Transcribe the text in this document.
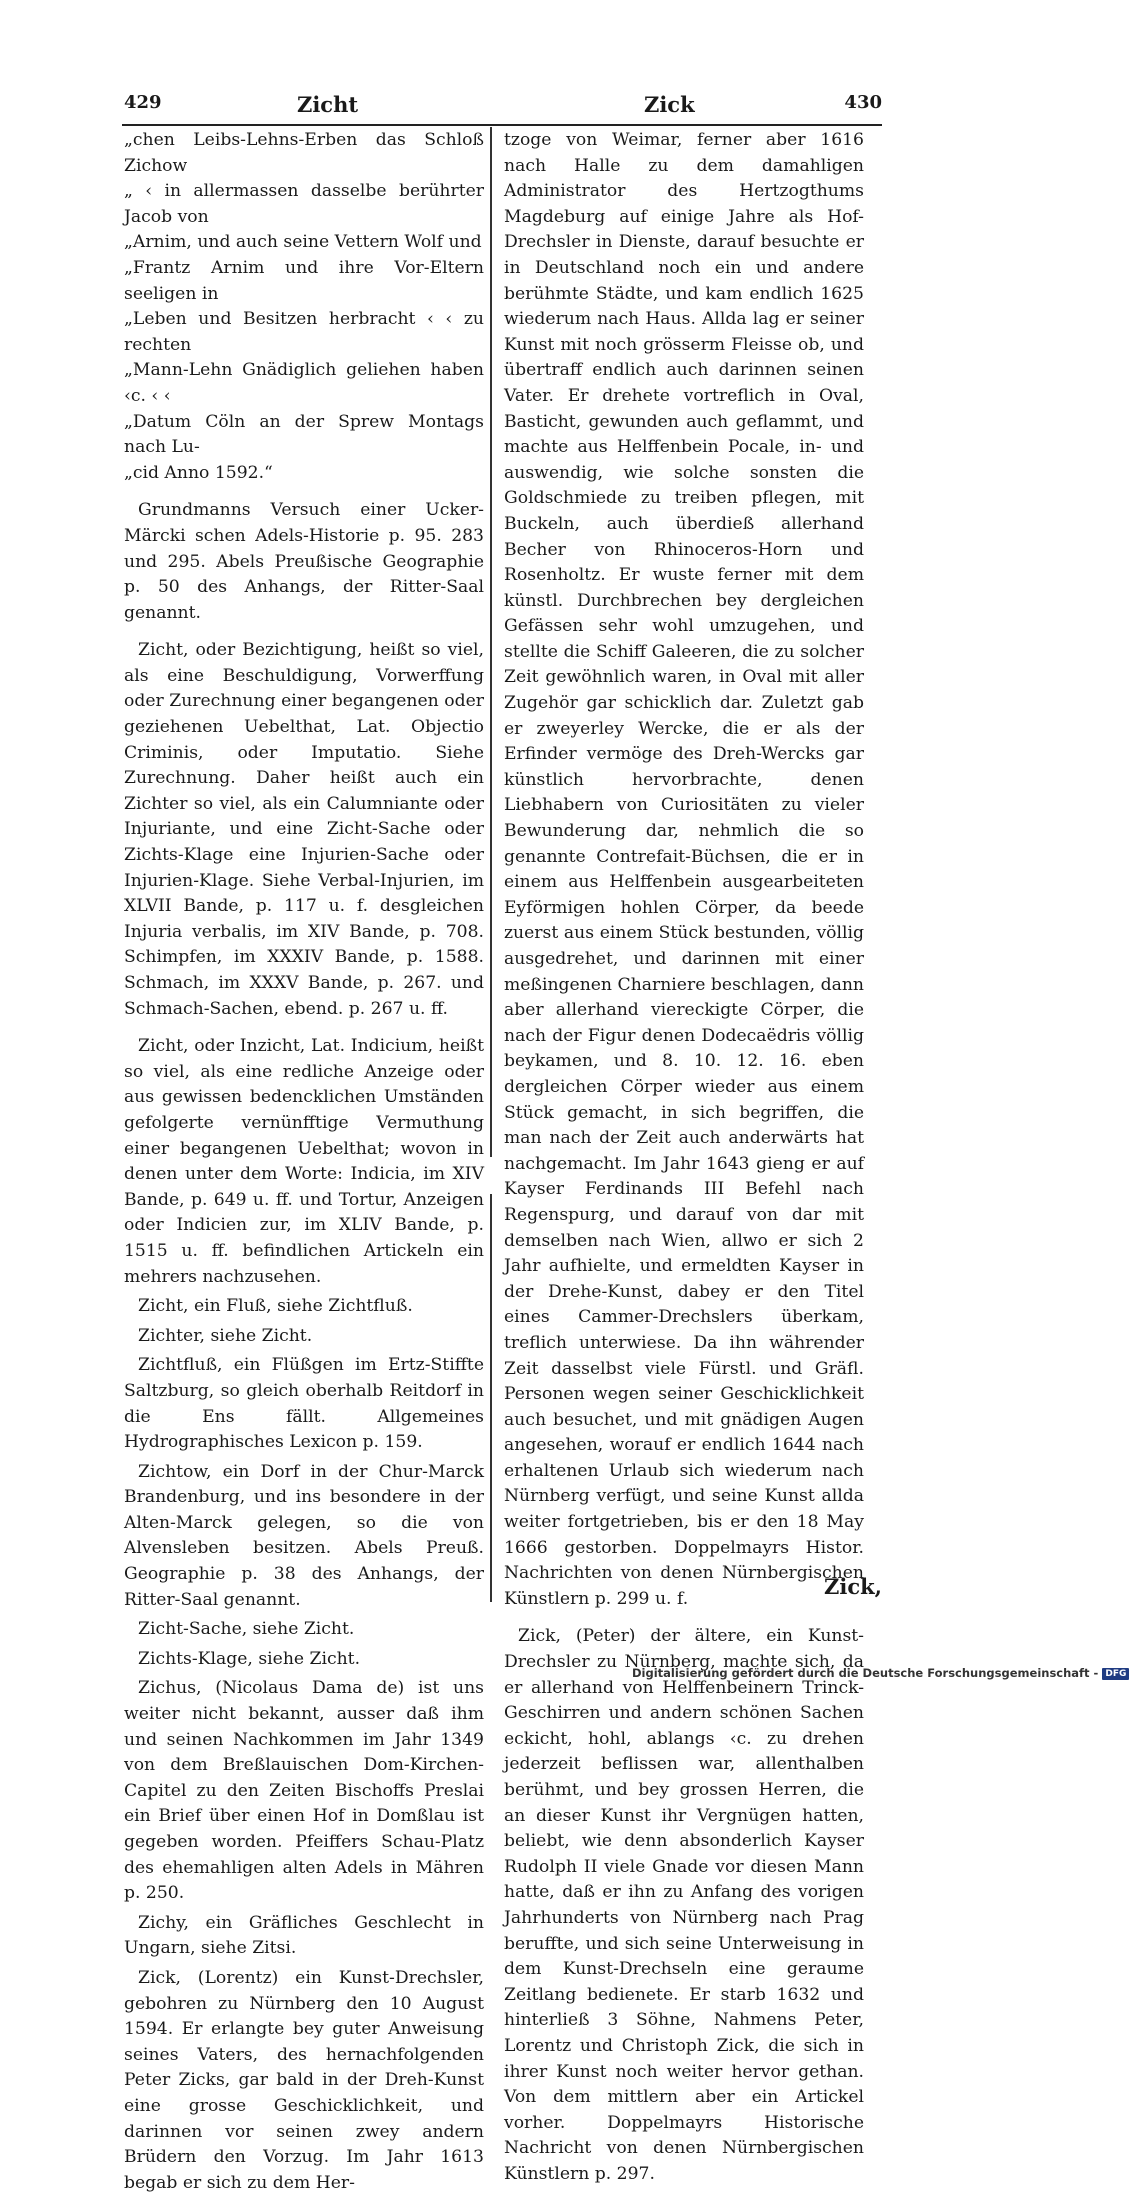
429	Zicht	Zick	430

„chen Leibs-Lehns-Erben das Schloß Zichow

„ ‹ in allermassen dasselbe berührter Jacob von

„Arnim, und auch seine Vettern Wolf und

„Frantz Arnim und ihre Vor-Eltern seeligen in

„Leben und Besitzen herbracht ‹ ‹ zu rechten

„Mann-Lehn Gnädiglich geliehen haben ‹c. ‹ ‹

„Datum Cöln an der Sprew Montags nach Lu-

„cid Anno 1592.“

Grundmanns Versuch einer Ucker-Märcki schen Adels-Historie p. 95. 283 und 295. Abels Preußische Geographie p. 50 des Anhangs, der Ritter-Saal genannt.

Zicht, oder Bezichtigung, heißt so viel, als eine Beschuldigung, Vorwerffung oder Zurechnung einer begangenen oder geziehenen Uebelthat, Lat. Objectio Criminis, oder Imputatio. Siehe Zurechnung. Daher heißt auch ein Zichter so viel, als ein Calumniante oder Injuriante, und eine Zicht-Sache oder Zichts-Klage eine Injurien-Sache oder Injurien-Klage. Siehe Verbal-Injurien, im XLVII Bande, p. 117 u. f. desgleichen Injuria verbalis, im XIV Bande, p. 708. Schimpfen, im XXXIV Bande, p. 1588. Schmach, im XXXV Bande, p. 267. und Schmach-Sachen, ebend. p. 267 u. ff.

Zicht, oder Inzicht, Lat. Indicium, heißt so viel, als eine redliche Anzeige oder aus gewissen bedencklichen Umständen gefolgerte vernünfftige Vermuthung einer begangenen Uebelthat; wovon in denen unter dem Worte: Indicia, im XIV Bande, p. 649 u. ff. und Tortur, Anzeigen oder Indicien zur, im XLIV Bande, p. 1515 u. ff. befindlichen Artickeln ein mehrers nachzusehen.

Zicht, ein Fluß, siehe Zichtfluß.

Zichter, siehe Zicht.

Zichtfluß, ein Flüßgen im Ertz-Stiffte Saltzburg, so gleich oberhalb Reitdorf in die Ens fällt. Allgemeines Hydrographisches Lexicon p. 159.

Zichtow, ein Dorf in der Chur-Marck Brandenburg, und ins besondere in der Alten-Marck gelegen, so die von Alvensleben besitzen. Abels Preuß. Geographie p. 38 des Anhangs, der Ritter-Saal genannt.

Zicht-Sache, siehe Zicht.

Zichts-Klage, siehe Zicht.

Zichus, (Nicolaus Dama de) ist uns weiter nicht bekannt, ausser daß ihm und seinen Nachkommen im Jahr 1349 von dem Breßlauischen Dom-Kirchen-Capitel zu den Zeiten Bischoffs Preslai ein Brief über einen Hof in Domßlau ist gegeben worden. Pfeiffers Schau-Platz des ehemahligen alten Adels in Mähren p. 250.

Zichy, ein Gräfliches Geschlecht in Ungarn, siehe Zitsi.

Zick, (Lorentz) ein Kunst-Drechsler, gebohren zu Nürnberg den 10 August 1594. Er erlangte bey guter Anweisung seines Vaters, des hernachfolgenden Peter Zicks, gar bald in der Dreh-Kunst eine grosse Geschicklichkeit, und darinnen vor seinen zwey andern Brüdern den Vorzug. Im Jahr 1613 begab er sich zu dem Her-

tzoge von Weimar, ferner aber 1616 nach Halle zu dem damahligen Administrator des Hertzogthums Magdeburg auf einige Jahre als Hof-Drechsler in Dienste, darauf besuchte er in Deutschland noch ein und andere berühmte Städte, und kam endlich 1625 wiederum nach Haus. Allda lag er seiner Kunst mit noch grösserm Fleisse ob, und übertraff endlich auch darinnen seinen Vater. Er drehete vortreflich in Oval, Basticht, gewunden auch geflammt, und machte aus Helffenbein Pocale, in- und auswendig, wie solche sonsten die Goldschmiede zu treiben pflegen, mit Buckeln, auch überdieß allerhand Becher von Rhinoceros-Horn und Rosenholtz. Er wuste ferner mit dem künstl. Durchbrechen bey dergleichen Gefässen sehr wohl umzugehen, und stellte die Schiff Galeeren, die zu solcher Zeit gewöhnlich waren, in Oval mit aller Zugehör gar schicklich dar. Zuletzt gab er zweyerley Wercke, die er als der Erfinder vermöge des Dreh-Wercks gar künstlich hervorbrachte, denen Liebhabern von Curiositäten zu vieler Bewunderung dar, nehmlich die so genannte Contrefait-Büchsen, die er in einem aus Helffenbein ausgearbeiteten Eyförmigen hohlen Cörper, da beede zuerst aus einem Stück bestunden, völlig ausgedrehet, und darinnen mit einer meßingenen Charniere beschlagen, dann aber allerhand viereckigte Cörper, die nach der Figur denen Dodecaëdris völlig beykamen, und 8. 10. 12. 16. eben dergleichen Cörper wieder aus einem Stück gemacht, in sich begriffen, die man nach der Zeit auch anderwärts hat nachgemacht. Im Jahr 1643 gieng er auf Kayser Ferdinands III Befehl nach Regenspurg, und darauf von dar mit demselben nach Wien, allwo er sich 2 Jahr aufhielte, und ermeldten Kayser in der Drehe-Kunst, dabey er den Titel eines Cammer-Drechslers überkam, treflich unterwiese. Da ihn währender Zeit dasselbst viele Fürstl. und Gräfl. Personen wegen seiner Geschicklichkeit auch besuchet, und mit gnädigen Augen angesehen, worauf er endlich 1644 nach erhaltenen Urlaub sich wiederum nach Nürnberg verfügt, und seine Kunst allda weiter fortgetrieben, bis er den 18 May 1666 gestorben. Doppelmayrs Histor. Nachrichten von denen Nürnbergischen Künstlern p. 299 u. f.

Zick, (Peter) der ältere, ein Kunst-Drechsler zu Nürnberg, machte sich, da er allerhand von Helffenbeinern Trinck-Geschirren und andern schönen Sachen eckicht, hohl, ablangs ‹c. zu drehen jederzeit beflissen war, allenthalben berühmt, und bey grossen Herren, die an dieser Kunst ihr Vergnügen hatten, beliebt, wie denn absonderlich Kayser Rudolph II viele Gnade vor diesen Mann hatte, daß er ihn zu Anfang des vorigen Jahrhunderts von Nürnberg nach Prag beruffte, und sich seine Unterweisung in dem Kunst-Drechseln eine geraume Zeitlang bedienete. Er starb 1632 und hinterließ 3 Söhne, Nahmens Peter, Lorentz und Christoph Zick, die sich in ihrer Kunst noch weiter hervor gethan. Von dem mittlern aber ein Artickel vorher. Doppelmayrs Historische Nachricht von denen Nürnbergischen Künstlern p. 297.

Zick,
Digitalisierung gefördert durch die Deutsche Forschungsgemeinschaft - DFG
